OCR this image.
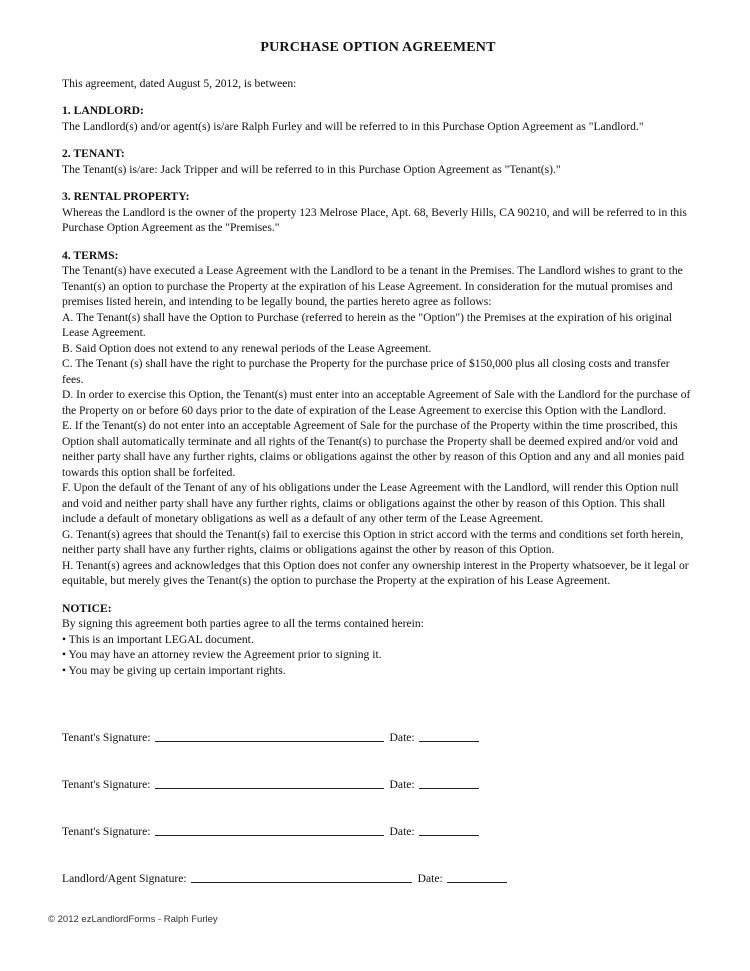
PURCHASE OPTION AGREEMENT
This agreement, dated August 5, 2012, is between:
1. LANDLORD:
The Landlord(s) and/or agent(s) is/are Ralph Furley and will be referred to in this Purchase Option Agreement as "Landlord."
2. TENANT:
The Tenant(s) is/are: Jack Tripper and will be referred to in this Purchase Option Agreement as "Tenant(s)."
3. RENTAL PROPERTY:
Whereas the Landlord is the owner of the property 123 Melrose Place, Apt. 68, Beverly Hills, CA 90210, and will be referred to in this Purchase Option Agreement as the "Premises."
4. TERMS:
The Tenant(s) have executed a Lease Agreement with the Landlord to be a tenant in the Premises. The Landlord wishes to grant to the Tenant(s) an option to purchase the Property at the expiration of his Lease Agreement. In consideration for the mutual promises and premises listed herein, and intending to be legally bound, the parties hereto agree as follows:
A. The Tenant(s) shall have the Option to Purchase (referred to herein as the "Option") the Premises at the expiration of his original Lease Agreement.
B. Said Option does not extend to any renewal periods of the Lease Agreement.
C. The Tenant (s) shall have the right to purchase the Property for the purchase price of $150,000 plus all closing costs and transfer fees.
D. In order to exercise this Option, the Tenant(s) must enter into an acceptable Agreement of Sale with the Landlord for the purchase of the Property on or before 60 days prior to the date of expiration of the Lease Agreement to exercise this Option with the Landlord.
E. If the Tenant(s) do not enter into an acceptable Agreement of Sale for the purchase of the Property within the time proscribed, this Option shall automatically terminate and all rights of the Tenant(s) to purchase the Property shall be deemed expired and/or void and neither party shall have any further rights, claims or obligations against the other by reason of this Option and any and all monies paid towards this option shall be forfeited.
F. Upon the default of the Tenant of any of his obligations under the Lease Agreement with the Landlord, will render this Option null and void and neither party shall have any further rights, claims or obligations against the other by reason of this Option. This shall include a default of monetary obligations as well as a default of any other term of the Lease Agreement.
G. Tenant(s) agrees that should the Tenant(s) fail to exercise this Option in strict accord with the terms and conditions set forth herein, neither party shall have any further rights, claims or obligations against the other by reason of this Option.
H. Tenant(s) agrees and acknowledges that this Option does not confer any ownership interest in the Property whatsoever, be it legal or equitable, but merely gives the Tenant(s) the option to purchase the Property at the expiration of his Lease Agreement.
NOTICE:
By signing this agreement both parties agree to all the terms contained herein:
• This is an important LEGAL document.
• You may have an attorney review the Agreement prior to signing it.
• You may be giving up certain important rights.
Tenant's Signature:	Date:
Tenant's Signature:	Date:
Tenant's Signature:	Date:
Landlord/Agent Signature:	Date:
© 2012 ezLandlordForms - Ralph Furley
